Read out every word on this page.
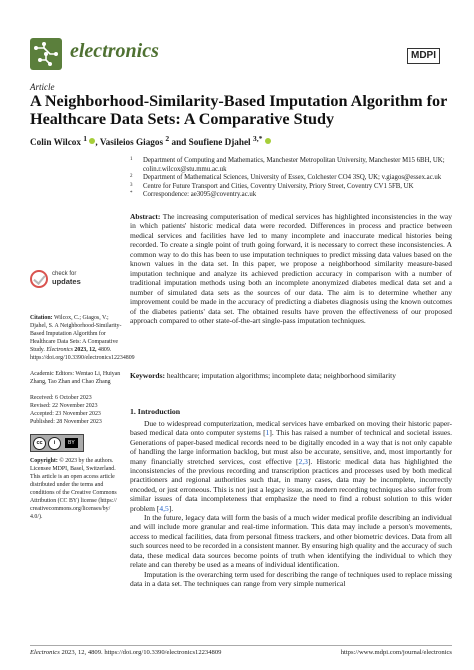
electronics	MDPI
Article
A Neighborhood-Similarity-Based Imputation Algorithm for Healthcare Data Sets: A Comparative Study
Colin Wilcox $^1$ , Vasileios Giagos $^2$ and Soufiene Djahel $^{3,*}$
1 Department of Computing and Mathematics, Manchester Metropolitan University, Manchester M15 6BH, UK; colin.r.wilcox@stu.mmu.ac.uk
2 Department of Mathematical Sciences, University of Essex, Colchester CO4 3SQ, UK; v.giagos@essex.ac.uk
3 Centre for Future Transport and Cities, Coventry University, Priory Street, Coventry CV1 5FB, UK
* Correspondence: ae3095@coventry.ac.uk
Abstract: The increasing computerisation of medical services has highlighted inconsistencies in the way in which patients' historic medical data were recorded. Differences in process and practice between medical services and facilities have led to many incomplete and inaccurate medical histories being recorded. To create a single point of truth going forward, it is necessary to correct these inconsistencies. A common way to do this has been to use imputation techniques to predict missing data values based on the known values in the data set. In this paper, we propose a neighborhood similarity measure-based imputation technique and analyze its achieved prediction accuracy in comparison with a number of traditional imputation methods using both an incomplete anonymized diabetes medical data set and a number of simulated data sets as the sources of our data. The aim is to determine whether any improvement could be made in the accuracy of predicting a diabetes diagnosis using the known outcomes of the diabetes patients' data set. The obtained results have proven the effectiveness of our proposed approach compared to other state-of-the-art single-pass imputation techniques.
Keywords: healthcare; imputation algorithms; incomplete data; neighborhood similarity
check for
updates

Citation: Wilcox, C.; Giagos, V.; Djahel, S. A Neighborhood-Similarity-Based Imputation Algorithm for Healthcare Data Sets: A Comparative Study. Electronics 2023, 12, 4809. https://doi.org/10.3390/electronics12234809

Academic Editors: Wentao Li, Huiyan Zhang, Tao Zhan and Chao Zhang

Received: 6 October 2023
Revised: 22 November 2023
Accepted: 23 November 2023
Published: 28 November 2023

cc	i	BY

Copyright: © 2023 by the authors. Licensee MDPI, Basel, Switzerland. This article is an open access article distributed under the terms and conditions of the Creative Commons Attribution (CC BY) license (https:// creativecommons.org/licenses/by/ 4.0/).

1. Introduction

Due to widespread computerization, medical services have embarked on moving their historic paper-based medical data onto computer systems [1]. This has raised a number of technical and societal issues. Generations of paper-based medical records need to be digitally encoded in a way that is not only capable of handling the large information backlog, but must also be accurate, sensitive, and, most importantly for many financially stretched services, cost effective [2,3]. Historic medical data has highlighted the inconsistencies of the previous recording and transcription practices and processes used by both medical practitioners and regional authorities such that, in many cases, data may be incomplete, incorrectly encoded, or just erroneous. This is not just a legacy issue, as modern recording techniques also suffer from similar issues of data incompleteness that emphasize the need to find a robust solution to this wider problem [4,5].

In the future, legacy data will form the basis of a much wider medical profile describing an individual and will include more granular and real-time information. This data may include a person's movements, access to medical facilities, data from personal fitness trackers, and other biometric devices. Data from all such sources need to be recorded in a consistent manner. By ensuring high quality and the accuracy of such data, these medical data sources become points of truth when identifying the individual to which they relate and can thereby be used as a means of individual identification.

Imputation is the overarching term used for describing the range of techniques used to replace missing data in a data set. The techniques can range from very simple numerical

Electronics 2023, 12, 4809. https://doi.org/10.3390/electronics12234809	https://www.mdpi.com/journal/electronics
